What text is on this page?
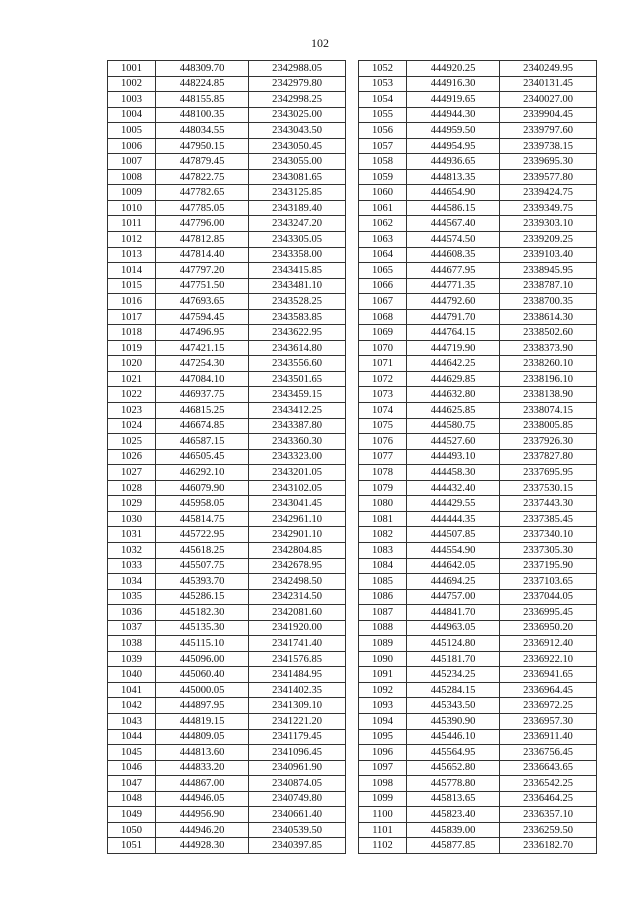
102
1001	448309.70	2342988.05
1002	448224.85	2342979.80
1003	448155.85	2342998.25
1004	448100.35	2343025.00
1005	448034.55	2343043.50
1006	447950.15	2343050.45
1007	447879.45	2343055.00
1008	447822.75	2343081.65
1009	447782.65	2343125.85
1010	447785.05	2343189.40
1011	447796.00	2343247.20
1012	447812.85	2343305.05
1013	447814.40	2343358.00
1014	447797.20	2343415.85
1015	447751.50	2343481.10
1016	447693.65	2343528.25
1017	447594.45	2343583.85
1018	447496.95	2343622.95
1019	447421.15	2343614.80
1020	447254.30	2343556.60
1021	447084.10	2343501.65
1022	446937.75	2343459.15
1023	446815.25	2343412.25
1024	446674.85	2343387.80
1025	446587.15	2343360.30
1026	446505.45	2343323.00
1027	446292.10	2343201.05
1028	446079.90	2343102.05
1029	445958.05	2343041.45
1030	445814.75	2342961.10
1031	445722.95	2342901.10
1032	445618.25	2342804.85
1033	445507.75	2342678.95
1034	445393.70	2342498.50
1035	445286.15	2342314.50
1036	445182.30	2342081.60
1037	445135.30	2341920.00
1038	445115.10	2341741.40
1039	445096.00	2341576.85
1040	445060.40	2341484.95
1041	445000.05	2341402.35
1042	444897.95	2341309.10
1043	444819.15	2341221.20
1044	444809.05	2341179.45
1045	444813.60	2341096.45
1046	444833.20	2340961.90
1047	444867.00	2340874.05
1048	444946.05	2340749.80
1049	444956.90	2340661.40
1050	444946.20	2340539.50
1051	444928.30	2340397.85
1052	444920.25	2340249.95
1053	444916.30	2340131.45
1054	444919.65	2340027.00
1055	444944.30	2339904.45
1056	444959.50	2339797.60
1057	444954.95	2339738.15
1058	444936.65	2339695.30
1059	444813.35	2339577.80
1060	444654.90	2339424.75
1061	444586.15	2339349.75
1062	444567.40	2339303.10
1063	444574.50	2339209.25
1064	444608.35	2339103.40
1065	444677.95	2338945.95
1066	444771.35	2338787.10
1067	444792.60	2338700.35
1068	444791.70	2338614.30
1069	444764.15	2338502.60
1070	444719.90	2338373.90
1071	444642.25	2338260.10
1072	444629.85	2338196.10
1073	444632.80	2338138.90
1074	444625.85	2338074.15
1075	444580.75	2338005.85
1076	444527.60	2337926.30
1077	444493.10	2337827.80
1078	444458.30	2337695.95
1079	444432.40	2337530.15
1080	444429.55	2337443.30
1081	444444.35	2337385.45
1082	444507.85	2337340.10
1083	444554.90	2337305.30
1084	444642.05	2337195.90
1085	444694.25	2337103.65
1086	444757.00	2337044.05
1087	444841.70	2336995.45
1088	444963.05	2336950.20
1089	445124.80	2336912.40
1090	445181.70	2336922.10
1091	445234.25	2336941.65
1092	445284.15	2336964.45
1093	445343.50	2336972.25
1094	445390.90	2336957.30
1095	445446.10	2336911.40
1096	445564.95	2336756.45
1097	445652.80	2336643.65
1098	445778.80	2336542.25
1099	445813.65	2336464.25
1100	445823.40	2336357.10
1101	445839.00	2336259.50
1102	445877.85	2336182.70
